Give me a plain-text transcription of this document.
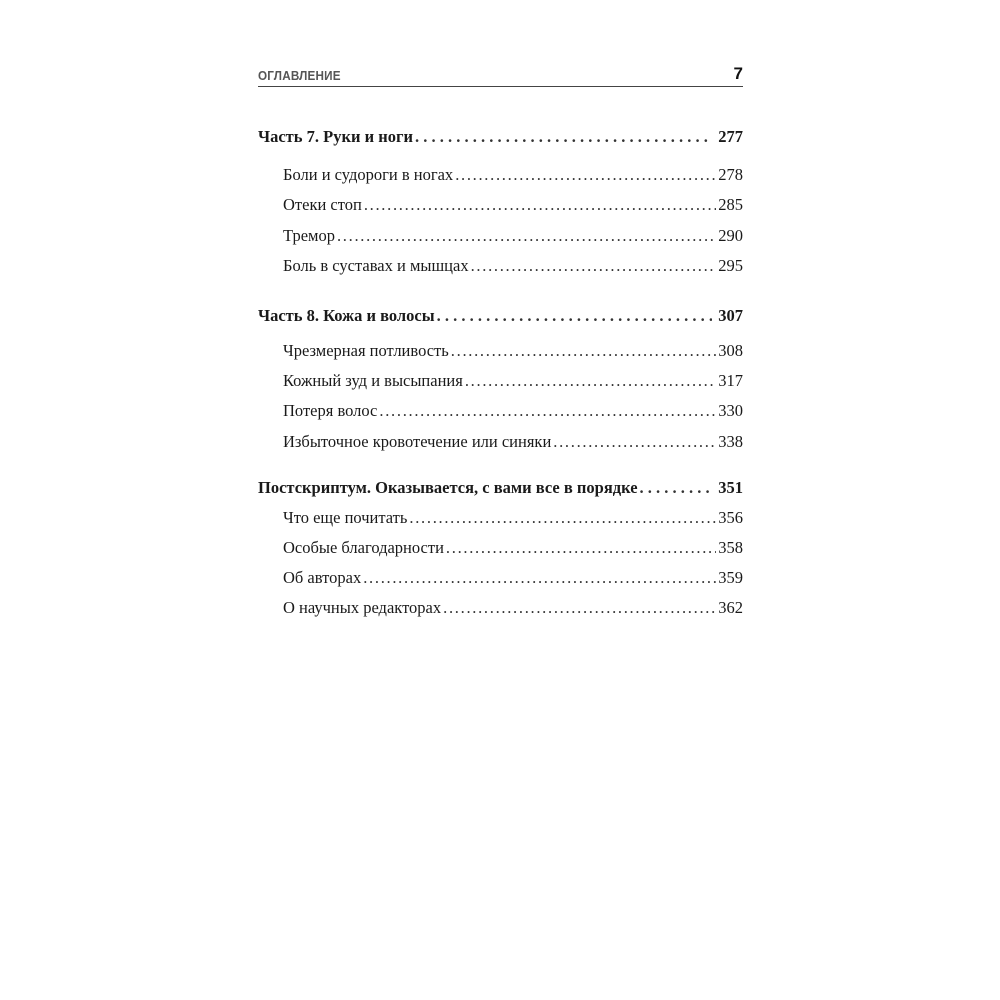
ОГЛАВЛЕНИЕ	7
Часть 7. Руки и ноги . . .	277
Боли и судороги в ногах .....	278
Отеки стоп .....	285
Тремор .....	290
Боль в суставах и мышцах .....	295
Часть 8. Кожа и волосы . . .	307
Чрезмерная потливость .....	308
Кожный зуд и высыпания .....	317
Потеря волос .....	330
Избыточное кровотечение или синяки .....	338
Постскриптум. Оказывается, с вами все в порядке . . .	351
Что еще почитать .....	356
Особые благодарности .....	358
Об авторах .....	359
О научных редакторах .....	362
